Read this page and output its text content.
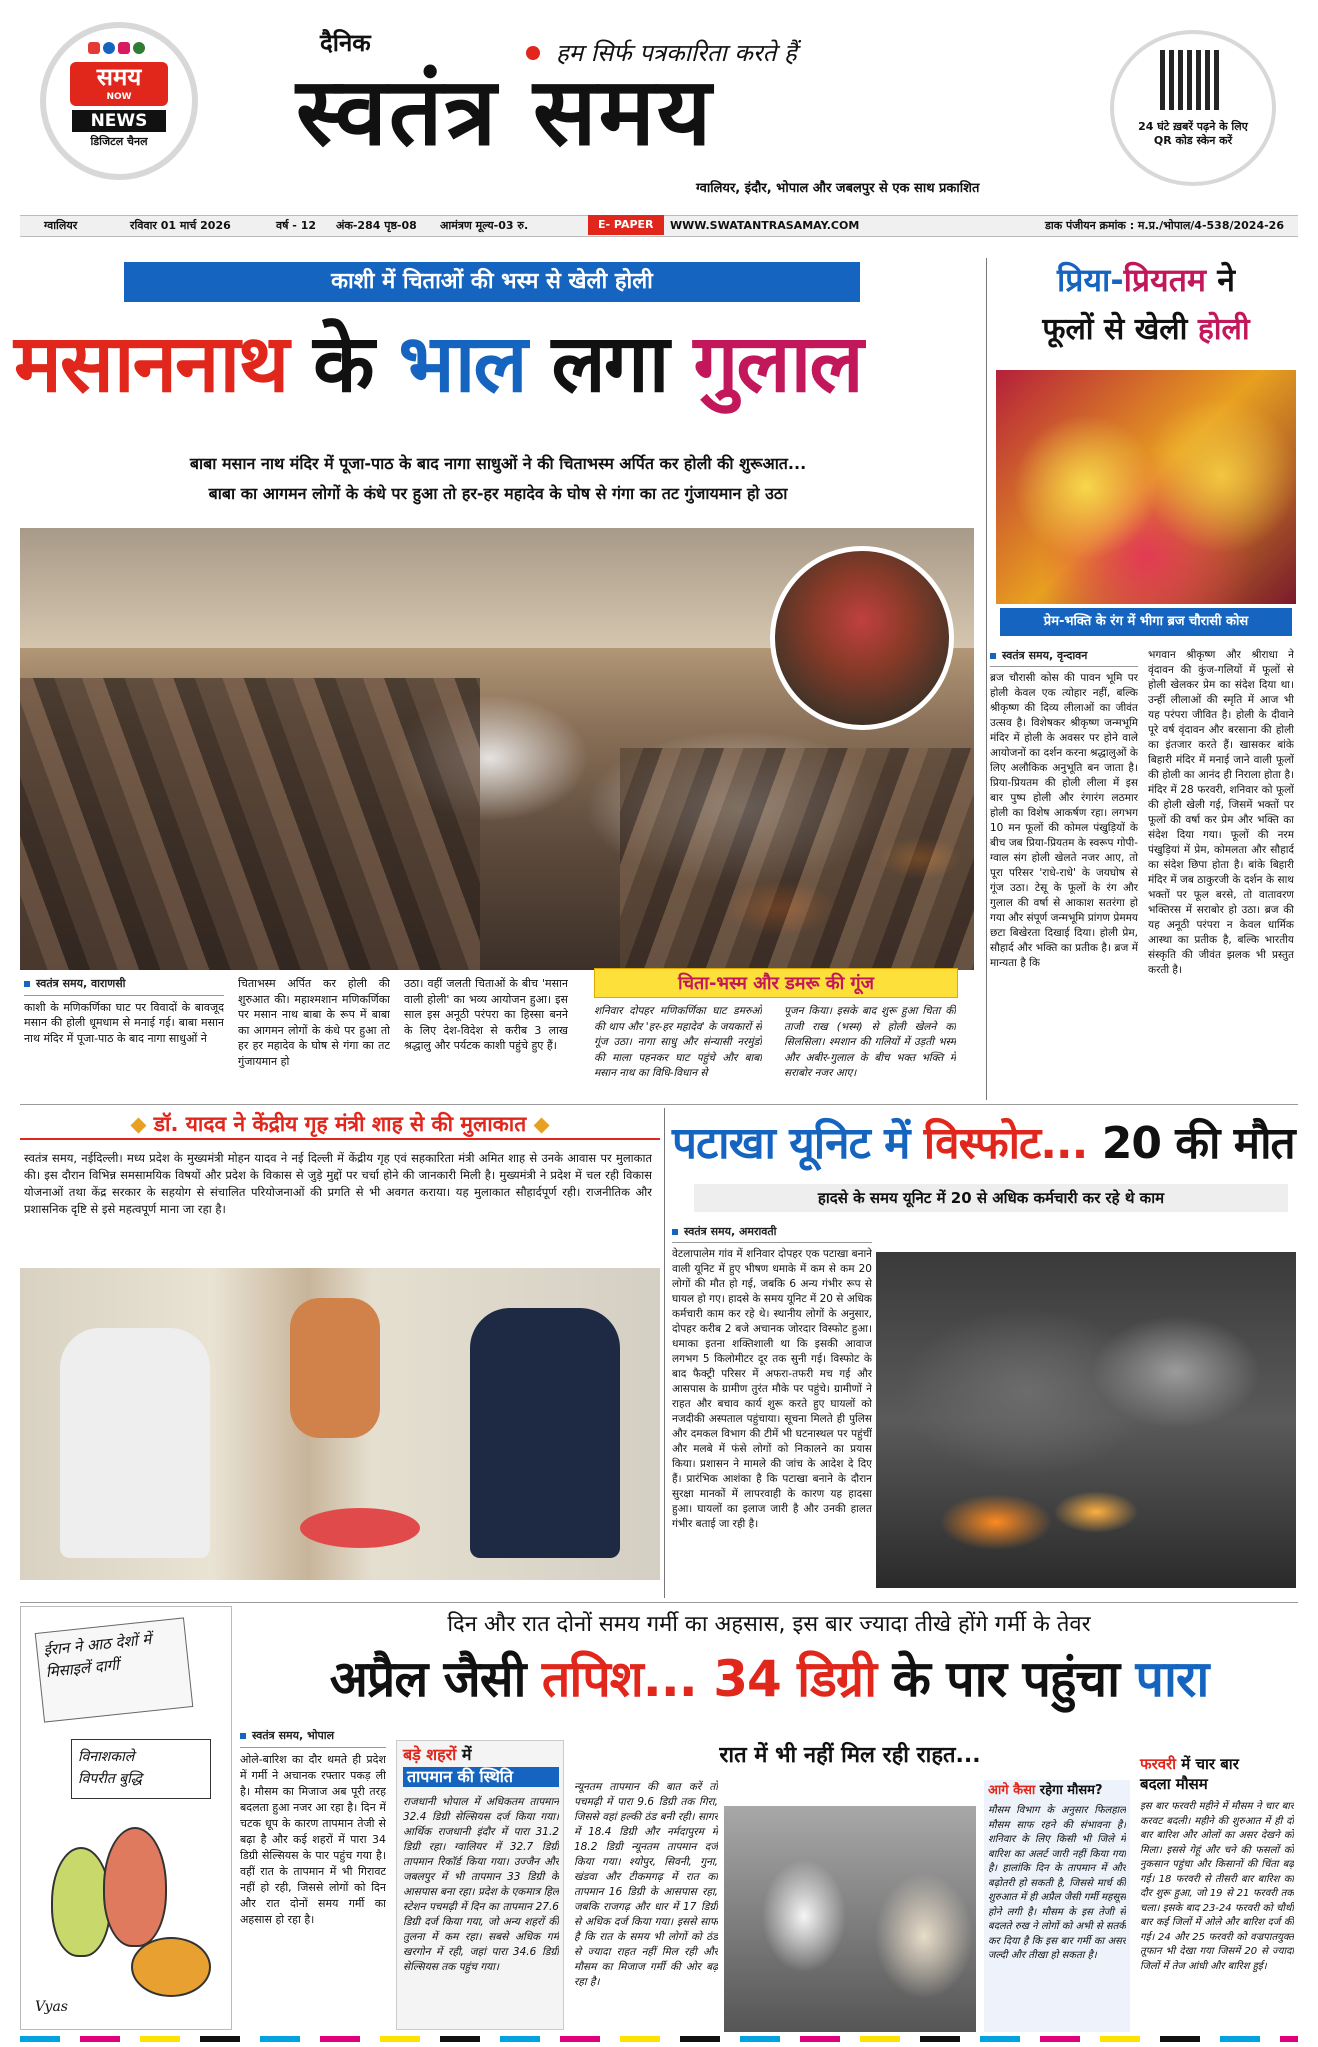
समय
NOW
NEWS
डिजिटल चैनल
दैनिक	हम सिर्फ पत्रकारिता करते हैं
स्वतंत्र समय
ग्वालियर, इंदौर, भोपाल और जबलपुर से एक साथ प्रकाशित
24 घंटे ख़बरें पढ़ने के लिए QR कोड स्केन करें
ग्वालियर	रविवार 01 मार्च 2026	वर्ष - 12 अंक-284 पृष्ठ-08 आमंत्रण मूल्य-03 रु.	E- PAPER	WWW.SWATANTRASAMAY.COM	डाक पंजीयन क्रमांक : म.प्र./भोपाल/4-538/2024-26
काशी में चिताओं की भस्म से खेली होली
मसाननाथ के भाल लगा गुलाल
बाबा मसान नाथ मंदिर में पूजा-पाठ के बाद नागा साधुओं ने की चिताभस्म अर्पित कर होली की शुरूआत...
बाबा का आगमन लोगों के कंधे पर हुआ तो हर-हर महादेव के घोष से गंगा का तट गुंजायमान हो उठा
स्वतंत्र समय, वाराणसी
काशी के मणिकर्णिका घाट पर विवादों के बावजूद मसान की होली धूमधाम से मनाई गई। बाबा मसान नाथ मंदिर में पूजा-पाठ के बाद नागा साधुओं ने
चिताभस्म अर्पित कर होली की शुरुआत की। महाश्मशान मणिकर्णिका पर मसान नाथ बाबा के रूप में बाबा का आगमन लोगों के कंधे पर हुआ तो हर हर महादेव के घोष से गंगा का तट गुंजायमान हो
उठा। वहीं जलती चिताओं के बीच 'मसान वाली होली' का भव्य आयोजन हुआ। इस साल इस अनूठी परंपरा का हिस्सा बनने के लिए देश-विदेश से करीब 3 लाख श्रद्धालु और पर्यटक काशी पहुंचे हुए हैं।
चिता-भस्म और डमरू की गूंज
शनिवार दोपहर मणिकर्णिका घाट डमरुओं की थाप और 'हर-हर महादेव' के जयकारों से गूंज उठा। नागा साधु और संन्यासी नरमुंडों की माला पहनकर घाट पहुंचे और बाबा मसान नाथ का विधि-विधान से
पूजन किया। इसके बाद शुरू हुआ चिता की ताजी राख (भस्म) से होली खेलने का सिलसिला। श्मशान की गलियों में उड़ती भस्म और अबीर-गुलाल के बीच भक्त भक्ति में सराबोर नजर आए।
प्रिया-प्रियतम ने
फूलों से खेली होली
प्रेम-भक्ति के रंग में भीगा ब्रज चौरासी कोस
स्वतंत्र समय, वृन्दावन
ब्रज चौरासी कोस की पावन भूमि पर होली केवल एक त्योहार नहीं, बल्कि श्रीकृष्ण की दिव्य लीलाओं का जीवंत उत्सव है। विशेषकर श्रीकृष्ण जन्मभूमि मंदिर में होली के अवसर पर होने वाले आयोजनों का दर्शन करना श्रद्धालुओं के लिए अलौकिक अनुभूति बन जाता है। प्रिया-प्रियतम की होली लीला में इस बार पुष्प होली और रंगारंग लठमार होली का विशेष आकर्षण रहा। लगभग 10 मन फूलों की कोमल पंखुड़ियों के बीच जब प्रिया-प्रियतम के स्वरूप गोपी-ग्वाल संग होली खेलते नजर आए, तो पूरा परिसर 'राधे-राधे' के जयघोष से गूंज उठा। टेसू के फूलों के रंग और गुलाल की वर्षा से आकाश सतरंगा हो गया और संपूर्ण जन्मभूमि प्रांगण प्रेममय छटा बिखेरता दिखाई दिया। होली प्रेम, सौहार्द और भक्ति का प्रतीक है। ब्रज में मान्यता है कि
भगवान श्रीकृष्ण और श्रीराधा ने वृंदावन की कुंज-गलियों में फूलों से होली खेलकर प्रेम का संदेश दिया था। उन्हीं लीलाओं की स्मृति में आज भी यह परंपरा जीवित है। होली के दीवाने पूरे वर्ष वृंदावन और बरसाना की होली का इंतजार करते हैं। खासकर बांके बिहारी मंदिर में मनाई जाने वाली फूलों की होली का आनंद ही निराला होता है। मंदिर में 28 फरवरी, शनिवार को फूलों की होली खेली गई, जिसमें भक्तों पर फूलों की वर्षा कर प्रेम और भक्ति का संदेश दिया गया। फूलों की नरम पंखुड़ियां में प्रेम, कोमलता और सौहार्द का संदेश छिपा होता है। बांके बिहारी मंदिर में जब ठाकुरजी के दर्शन के साथ भक्तों पर फूल बरसे, तो वातावरण भक्तिरस में सराबोर हो उठा। ब्रज की यह अनूठी परंपरा न केवल धार्मिक आस्था का प्रतीक है, बल्कि भारतीय संस्कृति की जीवंत झलक भी प्रस्तुत करती है।
◆ डॉ. यादव ने केंद्रीय गृह मंत्री शाह से की मुलाकात ◆
स्वतंत्र समय, नईदिल्ली। मध्य प्रदेश के मुख्यमंत्री मोहन यादव ने नई दिल्ली में केंद्रीय गृह एवं सहकारिता मंत्री अमित शाह से उनके आवास पर मुलाकात की। इस दौरान विभिन्न समसामयिक विषयों और प्रदेश के विकास से जुड़े मुद्दों पर चर्चा होने की जानकारी मिली है। मुख्यमंत्री ने प्रदेश में चल रही विकास योजनाओं तथा केंद्र सरकार के सहयोग से संचालित परियोजनाओं की प्रगति से भी अवगत कराया। यह मुलाकात सौहार्दपूर्ण रही। राजनीतिक और प्रशासनिक दृष्टि से इसे महत्वपूर्ण माना जा रहा है।
पटाखा यूनिट में विस्फोट... 20 की मौत
हादसे के समय यूनिट में 20 से अधिक कर्मचारी कर रहे थे काम
स्वतंत्र समय, अमरावती
वेटलापालेम गांव में शनिवार दोपहर एक पटाखा बनाने वाली यूनिट में हुए भीषण धमाके में कम से कम 20 लोगों की मौत हो गई, जबकि 6 अन्य गंभीर रूप से घायल हो गए। हादसे के समय यूनिट में 20 से अधिक कर्मचारी काम कर रहे थे। स्थानीय लोगों के अनुसार, दोपहर करीब 2 बजे अचानक जोरदार विस्फोट हुआ। धमाका इतना शक्तिशाली था कि इसकी आवाज लगभग 5 किलोमीटर दूर तक सुनी गई। विस्फोट के बाद फैक्ट्री परिसर में अफरा-तफरी मच गई और आसपास के ग्रामीण तुरंत मौके पर पहुंचे। ग्रामीणों ने राहत और बचाव कार्य शुरू करते हुए घायलों को नजदीकी अस्पताल पहुंचाया। सूचना मिलते ही पुलिस और दमकल विभाग की टीमें भी घटनास्थल पर पहुंचीं और मलबे में फंसे लोगों को निकालने का प्रयास किया। प्रशासन ने मामले की जांच के आदेश दे दिए हैं। प्रारंभिक आशंका है कि पटाखा बनाने के दौरान सुरक्षा मानकों में लापरवाही के कारण यह हादसा हुआ। घायलों का इलाज जारी है और उनकी हालत गंभीर बताई जा रही है।
ईरान ने आठ देशों में मिसाइलें दागीं
विनाशकाले
विपरीत बुद्धि
Vyas
दिन और रात दोनों समय गर्मी का अहसास, इस बार ज्यादा तीखे होंगे गर्मी के तेवर
अप्रैल जैसी तपिश... 34 डिग्री के पार पहुंचा पारा
स्वतंत्र समय, भोपाल
ओले-बारिश का दौर थमते ही प्रदेश में गर्मी ने अचानक रफ्तार पकड़ ली है। मौसम का मिजाज अब पूरी तरह बदलता हुआ नजर आ रहा है। दिन में चटक धूप के कारण तापमान तेजी से बढ़ा है और कई शहरों में पारा 34 डिग्री सेल्सियस के पार पहुंच गया है। वहीं रात के तापमान में भी गिरावट नहीं हो रही, जिससे लोगों को दिन और रात दोनों समय गर्मी का अहसास हो रहा है।
बड़े शहरों में
तापमान की स्थिति
राजधानी भोपाल में अधिकतम तापमान 32.4 डिग्री सेल्सियस दर्ज किया गया। आर्थिक राजधानी इंदौर में पारा 31.2 डिग्री रहा। ग्वालियर में 32.7 डिग्री तापमान रिकॉर्ड किया गया। उज्जैन और जबलपुर में भी तापमान 33 डिग्री के आसपास बना रहा। प्रदेश के एकमात्र हिल स्टेशन पचमढ़ी में दिन का तापमान 27.6 डिग्री दर्ज किया गया, जो अन्य शहरों की तुलना में कम रहा। सबसे अधिक गर्म खरगोन में रही, जहां पारा 34.6 डिग्री सेल्सियस तक पहुंच गया।
रात में भी नहीं मिल रही राहत...
न्यूनतम तापमान की बात करें तो पचमढ़ी में पारा 9.6 डिग्री तक गिरा, जिससे वहां हल्की ठंड बनी रही। सागर में 18.4 डिग्री और नर्मदापुरम में 18.2 डिग्री न्यूनतम तापमान दर्ज किया गया। श्योपुर, सिवनी, गुना, खंडवा और टीकमगढ़ में रात का तापमान 16 डिग्री के आसपास रहा, जबकि राजगढ़ और धार में 17 डिग्री से अधिक दर्ज किया गया। इससे साफ है कि रात के समय भी लोगों को ठंड से ज्यादा राहत नहीं मिल रही और मौसम का मिजाज गर्मी की ओर बढ़ रहा है।
आगे कैसा रहेगा मौसम?
मौसम विभाग के अनुसार फिलहाल मौसम साफ रहने की संभावना है। शनिवार के लिए किसी भी जिले में बारिश का अलर्ट जारी नहीं किया गया है। हालांकि दिन के तापमान में और बढ़ोतरी हो सकती है, जिससे मार्च की शुरुआत में ही अप्रैल जैसी गर्मी महसूस होने लगी है। मौसम के इस तेजी से बदलते रुख ने लोगों को अभी से सतर्क कर दिया है कि इस बार गर्मी का असर जल्दी और तीखा हो सकता है।
फरवरी में चार बार
बदला मौसम
इस बार फरवरी महीने में मौसम ने चार बार करवट बदली। महीने की शुरुआत में ही दो बार बारिश और ओलों का असर देखने को मिला। इससे गेहूं और चने की फसलों को नुकसान पहुंचा और किसानों की चिंता बढ़ गई। 18 फरवरी से तीसरी बार बारिश का दौर शुरू हुआ, जो 19 से 21 फरवरी तक चला। इसके बाद 23-24 फरवरी को चौथी बार कई जिलों में ओले और बारिश दर्ज की गई। 24 और 25 फरवरी को वज्रपातयुक्त तूफान भी देखा गया जिसमें 20 से ज्यादा जिलों में तेज आंधी और बारिश हुई।
